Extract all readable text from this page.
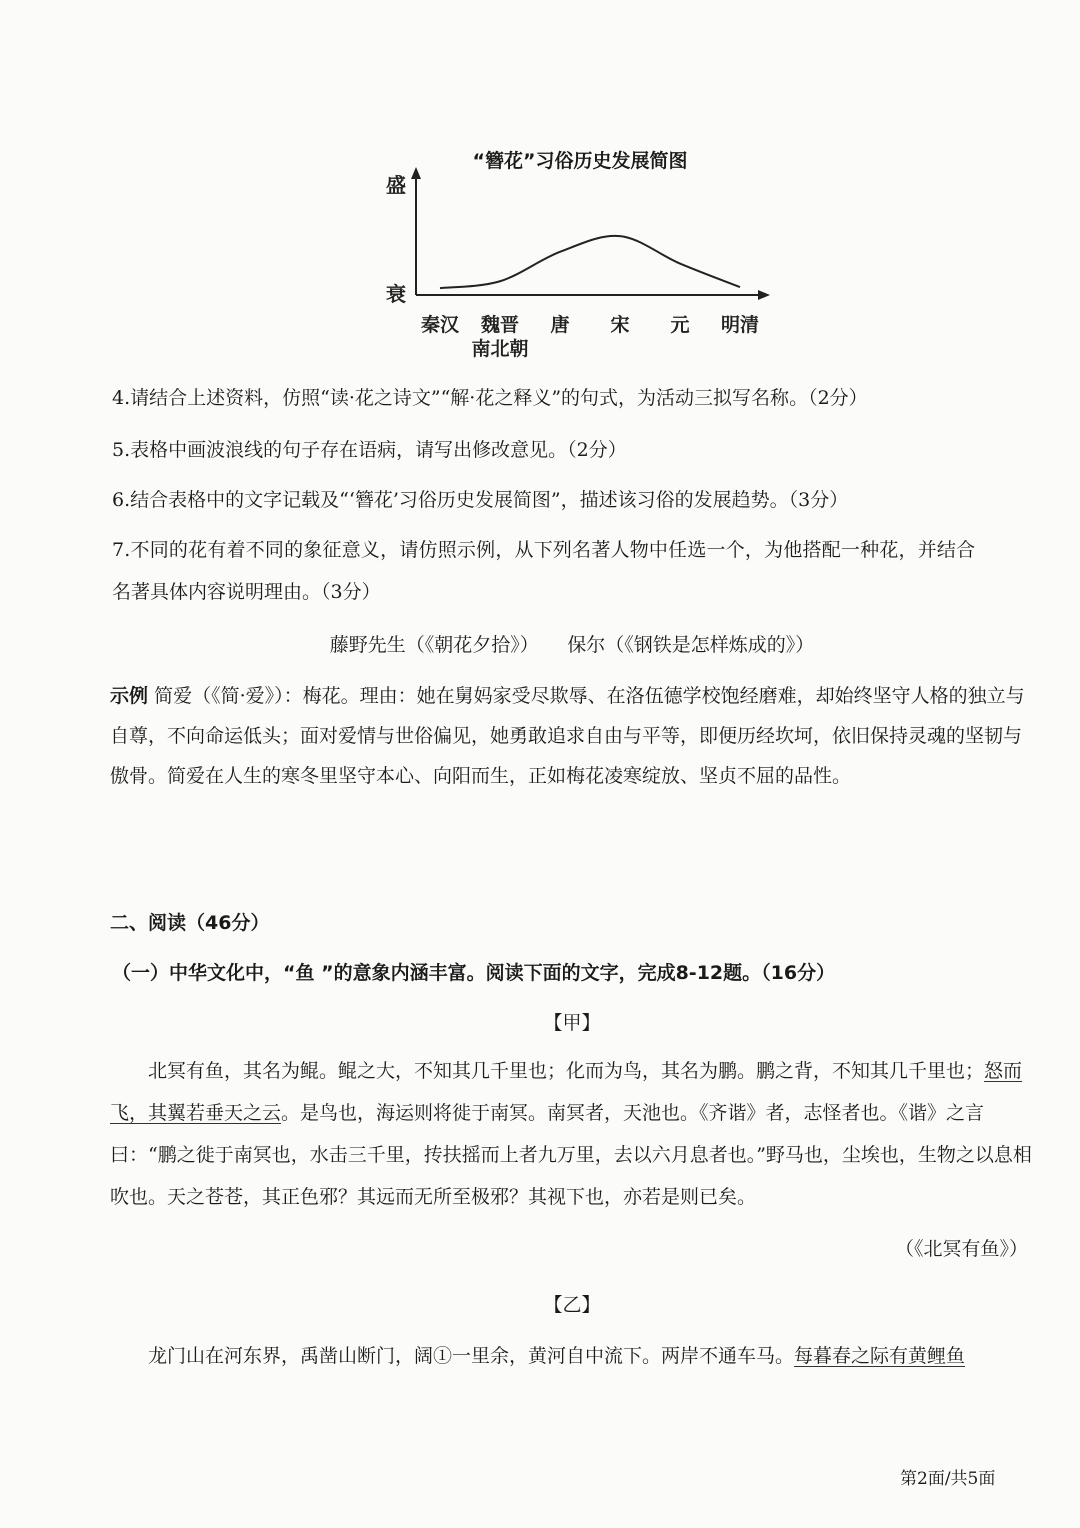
“簪花”习俗历史发展简图
盛
衰
秦汉 魏晋
南北朝
唐 宋 元 明清
4.请结合上述资料，仿照“读·花之诗文”“解·花之释义”的句式，为活动三拟写名称。（2分）
5.表格中画波浪线的句子存在语病，请写出修改意见。（2分）
6.结合表格中的文字记载及“‘簪花’习俗历史发展简图”，描述该习俗的发展趋势。（3分）
7.不同的花有着不同的象征意义，请仿照示例，从下列名著人物中任选一个，为他搭配一种花，并结合
名著具体内容说明理由。（3分）
藤野先生（《朝花夕拾》）　　保尔（《钢铁是怎样炼成的》）
示例 简爱（《简·爱》）：梅花。理由：她在舅妈家受尽欺辱、在洛伍德学校饱经磨难，却始终坚守人格的独立与自尊，不向命运低头；面对爱情与世俗偏见，她勇敢追求自由与平等，即便历经坎坷，依旧保持灵魂的坚韧与傲骨。简爱在人生的寒冬里坚守本心、向阳而生，正如梅花凌寒绽放、坚贞不屈的品性。
二、阅读（46分）
（一）中华文化中，“鱼 ”的意象内涵丰富。阅读下面的文字，完成8-12题。（16分）
【甲】
北冥有鱼，其名为鲲。鲲之大，不知其几千里也；化而为鸟，其名为鹏。鹏之背，不知其几千里也；怒而飞，其翼若垂天之云。是鸟也，海运则将徙于南冥。南冥者，天池也。《齐谐》者，志怪者也。《谐》之言曰：“鹏之徙于南冥也，水击三千里，抟扶摇而上者九万里，去以六月息者也。”野马也，尘埃也，生物之以息相吹也。天之苍苍，其正色邪？其远而无所至极邪？其视下也，亦若是则已矣。
（《北冥有鱼》）
【乙】
龙门山在河东界，禹凿山断门，阔①一里余，黄河自中流下。两岸不通车马。每暮春之际有黄鲤鱼
第2面/共5面
